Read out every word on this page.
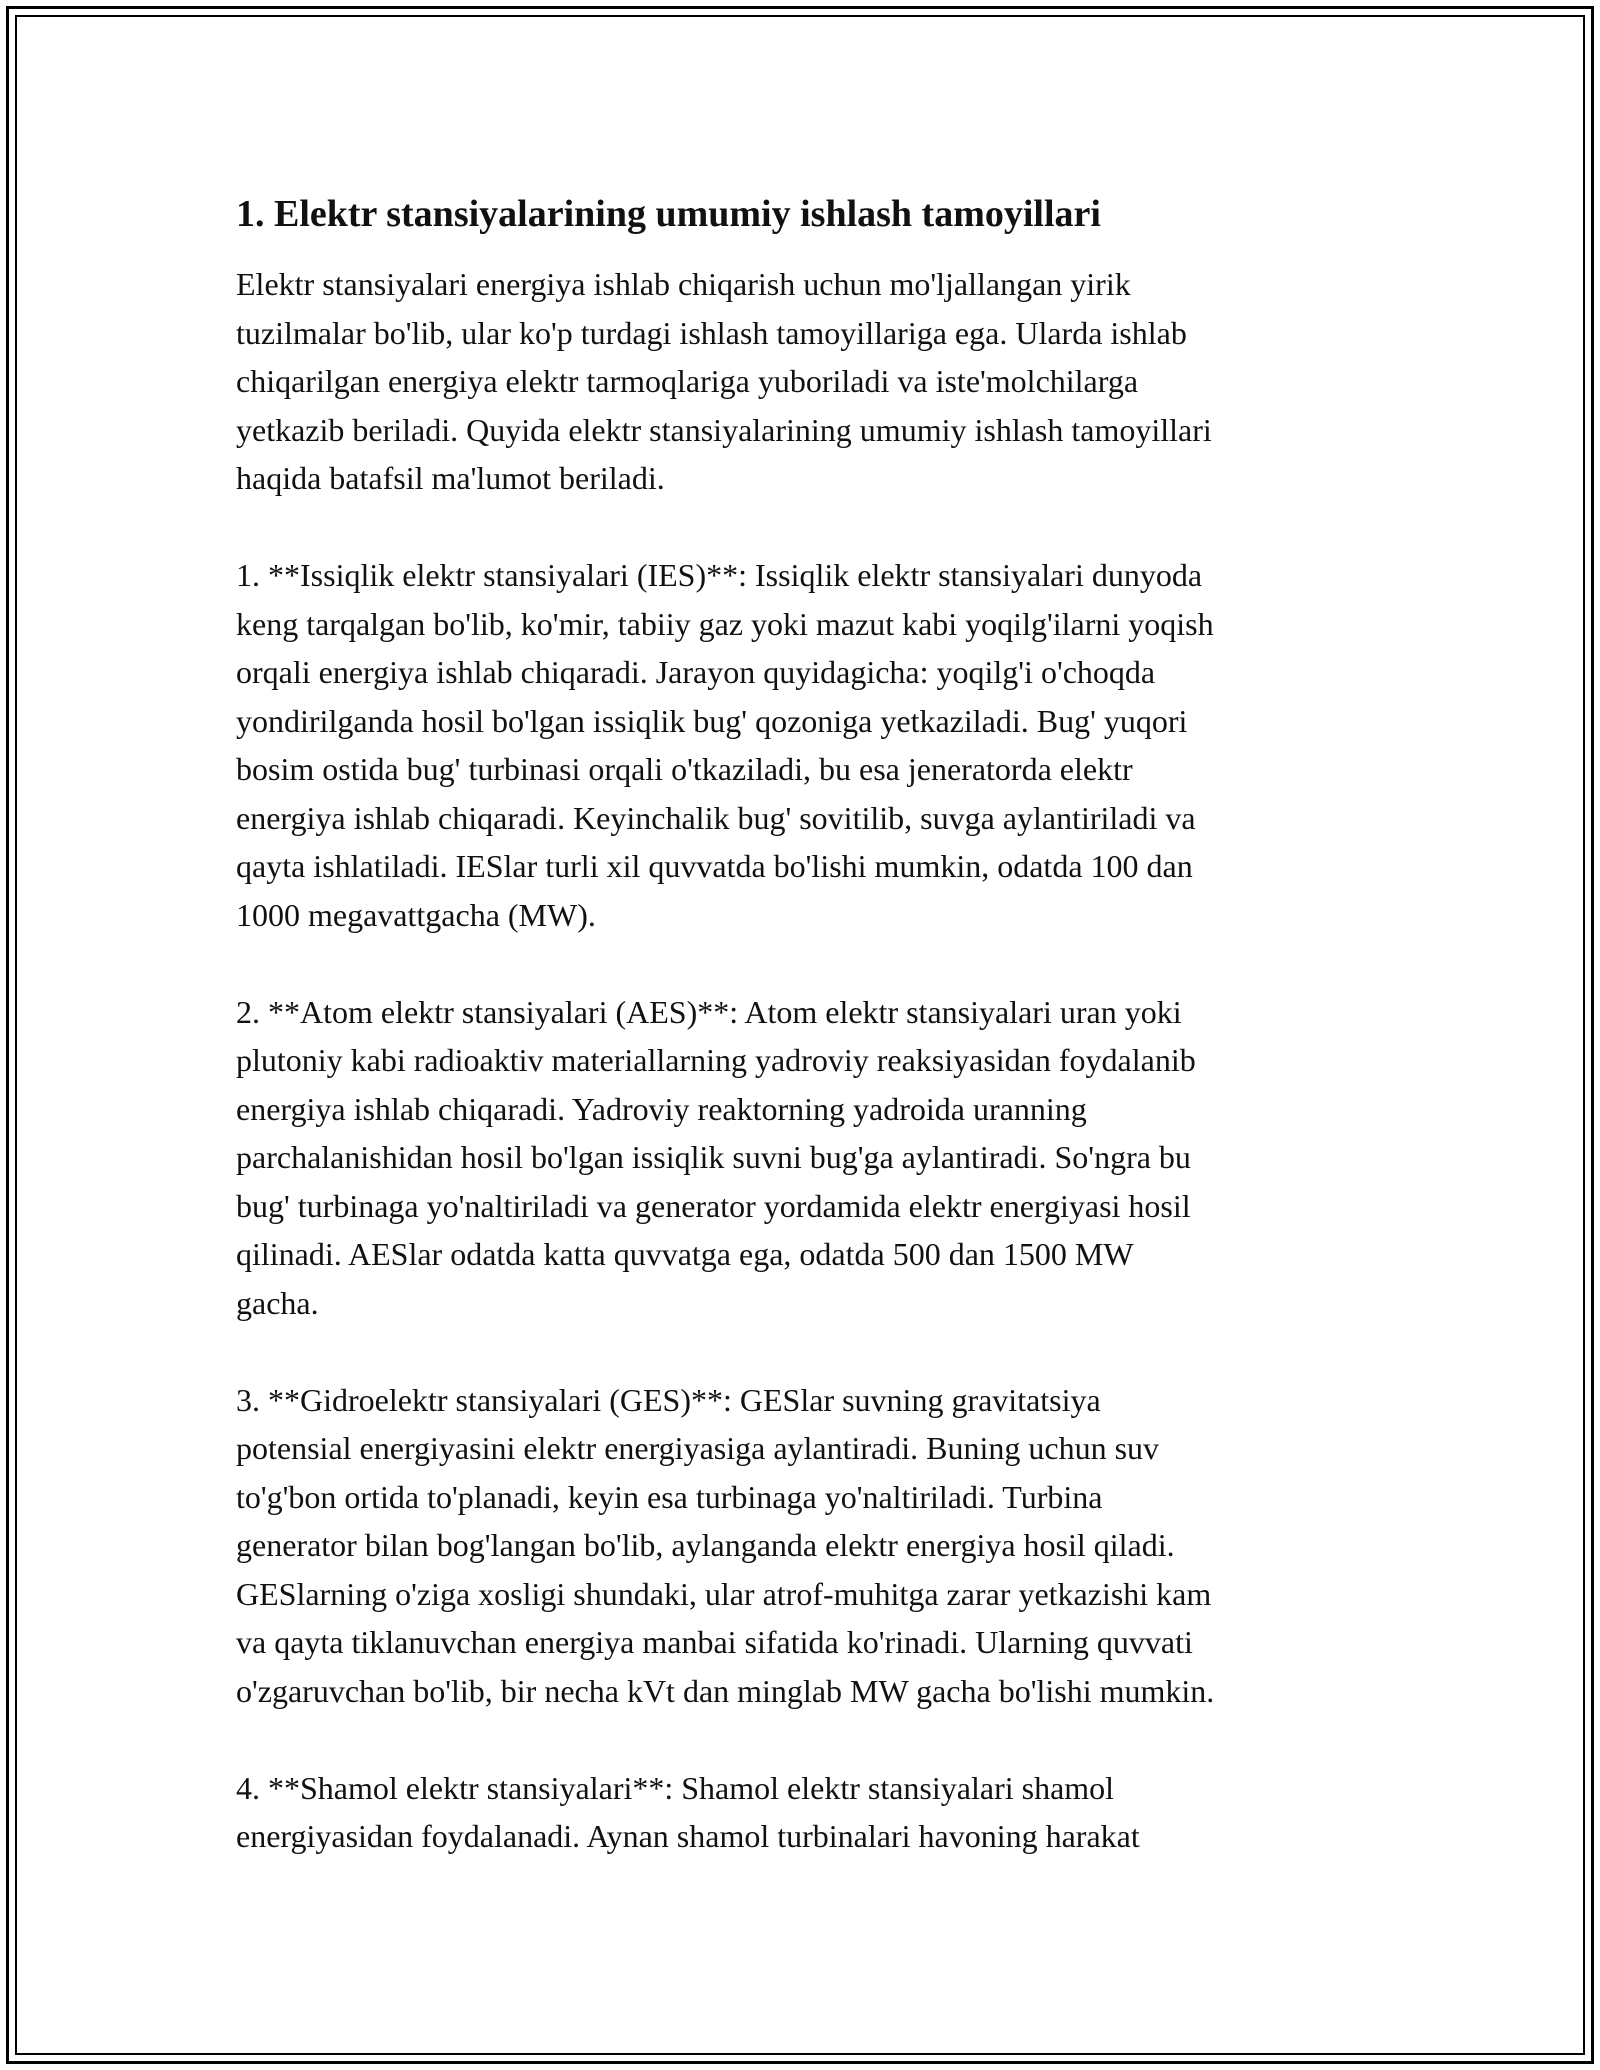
1. Elektr stansiyalarining umumiy ishlash tamoyillari

Elektr stansiyalari energiya ishlab chiqarish uchun mo'ljallangan yirik
tuzilmalar bo'lib, ular ko'p turdagi ishlash tamoyillariga ega. Ularda ishlab
chiqarilgan energiya elektr tarmoqlariga yuboriladi va iste'molchilarga
yetkazib beriladi. Quyida elektr stansiyalarining umumiy ishlash tamoyillari
haqida batafsil ma'lumot beriladi.

1. **Issiqlik elektr stansiyalari (IES)**: Issiqlik elektr stansiyalari dunyoda
keng tarqalgan bo'lib, ko'mir, tabiiy gaz yoki mazut kabi yoqilg'ilarni yoqish
orqali energiya ishlab chiqaradi. Jarayon quyidagicha: yoqilg'i o'choqda
yondirilganda hosil bo'lgan issiqlik bug' qozoniga yetkaziladi. Bug' yuqori
bosim ostida bug' turbinasi orqali o'tkaziladi, bu esa jeneratorda elektr
energiya ishlab chiqaradi. Keyinchalik bug' sovitilib, suvga aylantiriladi va
qayta ishlatiladi. IESlar turli xil quvvatda bo'lishi mumkin, odatda 100 dan
1000 megavattgacha (MW).

2. **Atom elektr stansiyalari (AES)**: Atom elektr stansiyalari uran yoki
plutoniy kabi radioaktiv materiallarning yadroviy reaksiyasidan foydalanib
energiya ishlab chiqaradi. Yadroviy reaktorning yadroida uranning
parchalanishidan hosil bo'lgan issiqlik suvni bug'ga aylantiradi. So'ngra bu
bug' turbinaga yo'naltiriladi va generator yordamida elektr energiyasi hosil
qilinadi. AESlar odatda katta quvvatga ega, odatda 500 dan 1500 MW
gacha.

3. **Gidroelektr stansiyalari (GES)**: GESlar suvning gravitatsiya
potensial energiyasini elektr energiyasiga aylantiradi. Buning uchun suv
to'g'bon ortida to'planadi, keyin esa turbinaga yo'naltiriladi. Turbina
generator bilan bog'langan bo'lib, aylanganda elektr energiya hosil qiladi.
GESlarning o'ziga xosligi shundaki, ular atrof-muhitga zarar yetkazishi kam
va qayta tiklanuvchan energiya manbai sifatida ko'rinadi. Ularning quvvati
o'zgaruvchan bo'lib, bir necha kVt dan minglab MW gacha bo'lishi mumkin.

4. **Shamol elektr stansiyalari**: Shamol elektr stansiyalari shamol
energiyasidan foydalanadi. Aynan shamol turbinalari havoning harakat
